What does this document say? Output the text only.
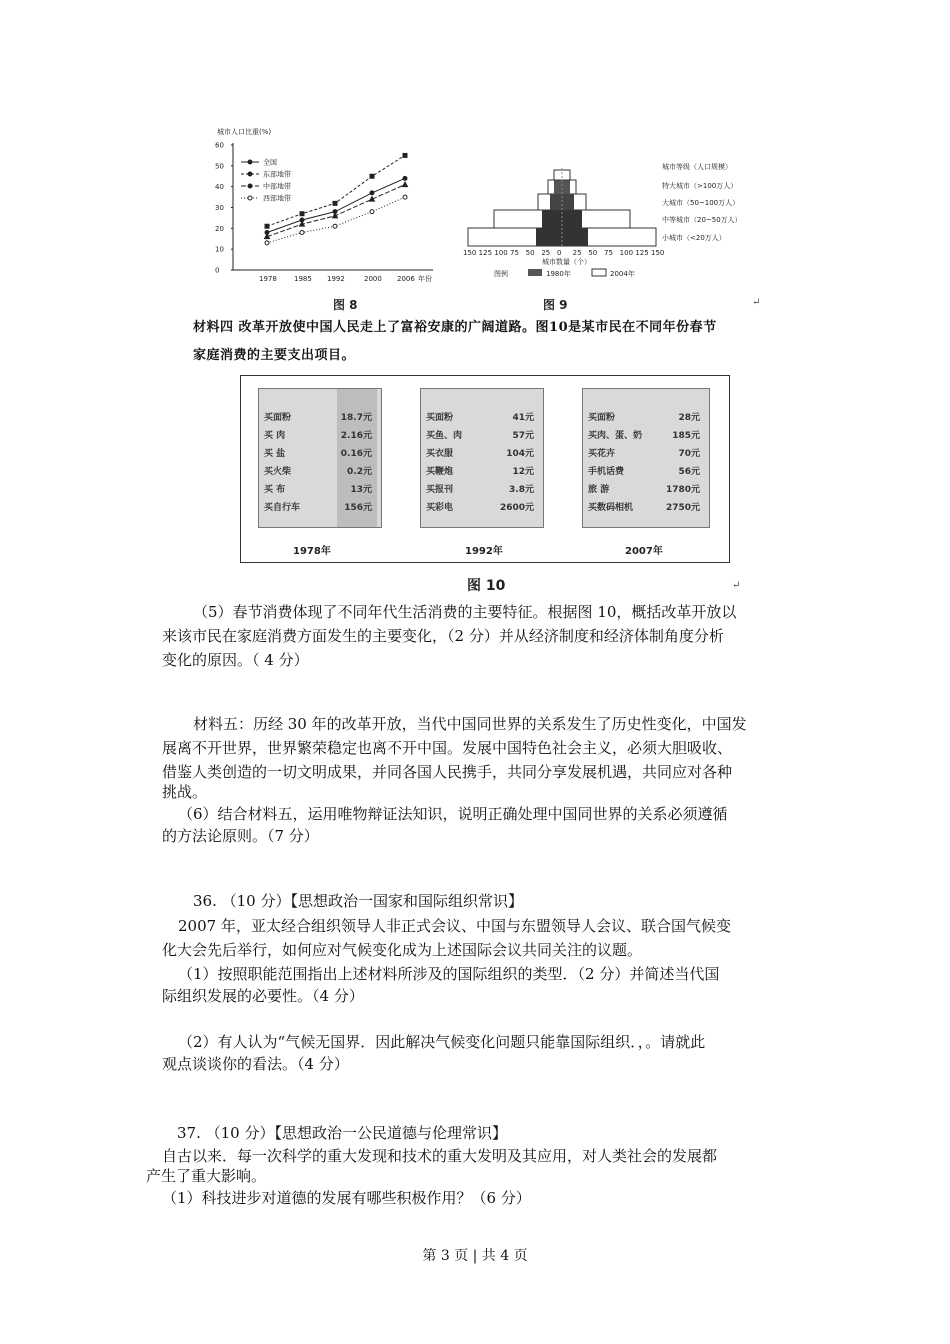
城市人口比重(%)
60
50
40
30
20
10
0
1978 1985 1992	2000 2006 年份
全国
东部地带
中部地带
西部地带
图 8
150 125 100 75 50 25 0 25 50 75 100 125 150
城市数量（个）
图例	1980年	2004年
城市等级（人口规模）
特大城市（>100万人）
大城市（50~100万人）
中等城市（20~50万人）
小城市（<20万人）
图 9	↵
材料四 改革开放使中国人民走上了富裕安康的广阔道路。图10是某市民在不同年份春节
家庭消费的主要支出项目。
买面粉	18.7元
买 肉	2.16元
买 盐	0.16元
买火柴	0.2元
买 布	13元
买自行车	156元
买面粉	41元
买鱼、肉	57元
买衣服	104元
买鞭炮	12元
买报刊	3.8元
买彩电	2600元
买面粉	28元
买肉、蛋、奶	185元
买花卉	70元
手机话费	56元
旅 游	1780元
买数码相机	2750元
1978年	1992年	2007年
图 10	↵
（5）春节消费体现了不同年代生活消费的主要特征。根据图 10，概括改革开放以
来该市民在家庭消费方面发生的主要变化，（2 分）并从经济制度和经济体制角度分析
变化的原因。（ 4 分）
材料五：历经 30 年的改革开放，当代中国同世界的关系发生了历史性变化，中国发
展离不开世界，世界繁荣稳定也离不开中国。发展中国特色社会主义，必须大胆吸收、
借鉴人类创造的一切文明成果，并同各国人民携手，共同分享发展机遇，共同应对各种
挑战。
（6）结合材料五，运用唯物辩证法知识，说明正确处理中国同世界的关系必须遵循
的方法论原则。（7 分）
36. （10 分）【思想政治一国家和国际组织常识】
2007 年，亚太经合组织领导人非正式会议、中国与东盟领导人会议、联合国气候变
化大会先后举行，如何应对气候变化成为上述国际会议共同关注的议题。
（1）按照职能范围指出上述材料所涉及的国际组织的类型．（2 分）并简述当代国
际组织发展的必要性。（4 分）
（2）有人认为“气候无国界．因此解决气候变化问题只能靠国际组织．，。请就此
观点谈谈你的看法。（4 分）
37. （10 分）【思想政治一公民道德与伦理常识】
自古以来．每一次科学的重大发现和技术的重大发明及其应用，对人类社会的发展都
产生了重大影响。
（1）科技进步对道德的发展有哪些积极作用？（6 分）
第 3 页 | 共 4 页
